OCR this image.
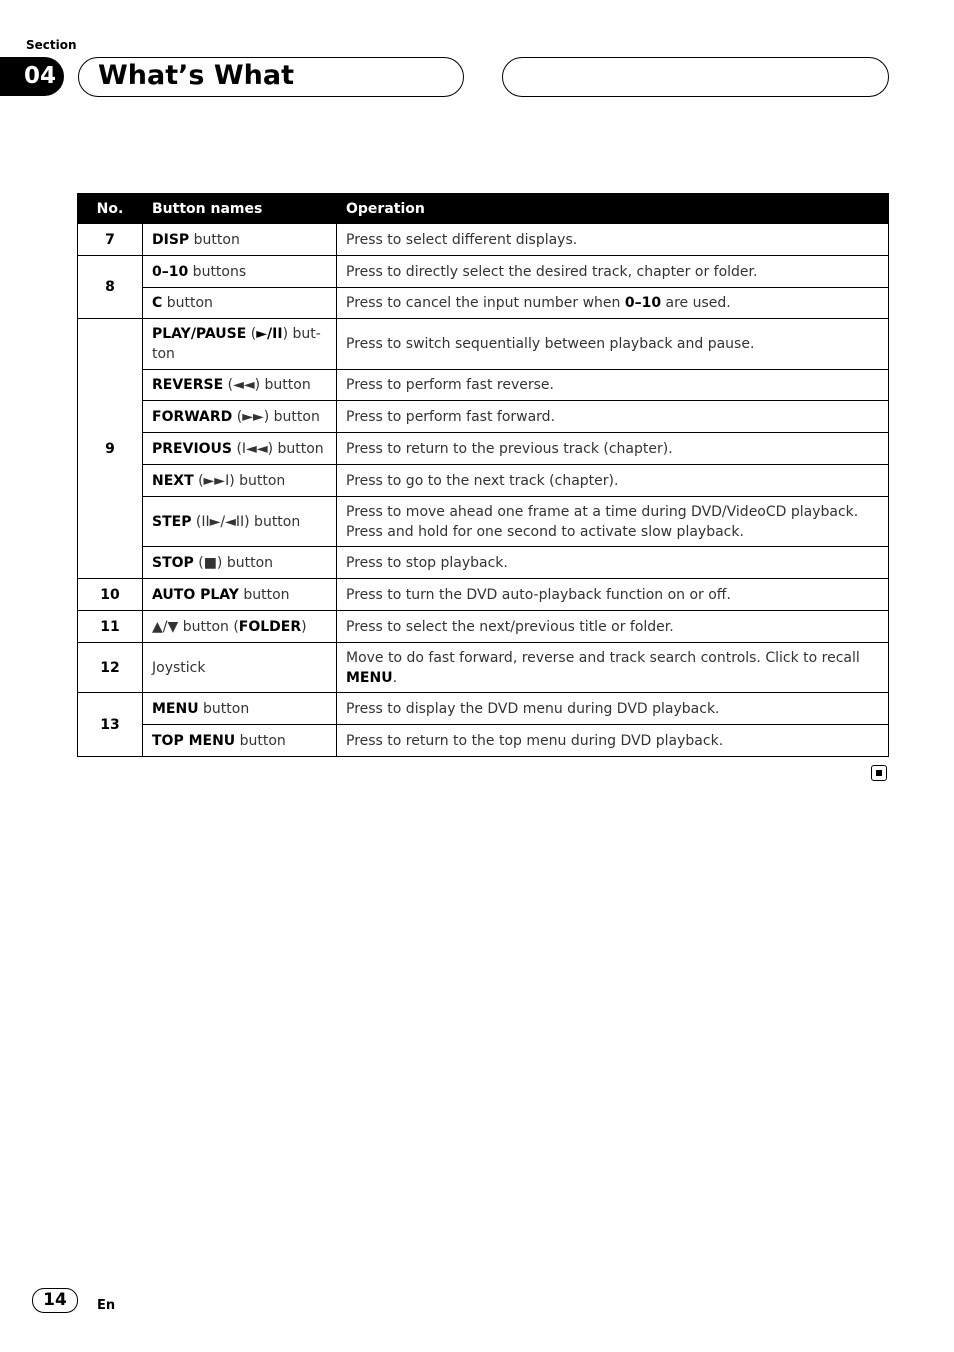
Section
04 What’s What
No.	Button names	Operation
7	DISP button	Press to select different displays.
8	0–10 buttons	Press to directly select the desired track, chapter or folder.
	C button	Press to cancel the input number when 0–10 are used.
9	PLAY/PAUSE (►/II) but-ton	Press to switch sequentially between playback and pause.
	REVERSE (◄◄) button	Press to perform fast reverse.
	FORWARD (►►) button	Press to perform fast forward.
	PREVIOUS (I◄◄) button	Press to return to the previous track (chapter).
	NEXT (►►I) button	Press to go to the next track (chapter).
	STEP (II►/◄II) button	Press to move ahead one frame at a time during DVD/VideoCD playback. Press and hold for one second to activate slow playback.
	STOP (■) button	Press to stop playback.
10	AUTO PLAY button	Press to turn the DVD auto-playback function on or off.
11	▲/▼ button (FOLDER)	Press to select the next/previous title or folder.
12	Joystick	Move to do fast forward, reverse and track search controls. Click to recall MENU.
13	MENU button	Press to display the DVD menu during DVD playback.
	TOP MENU button	Press to return to the top menu during DVD playback.
14	En
